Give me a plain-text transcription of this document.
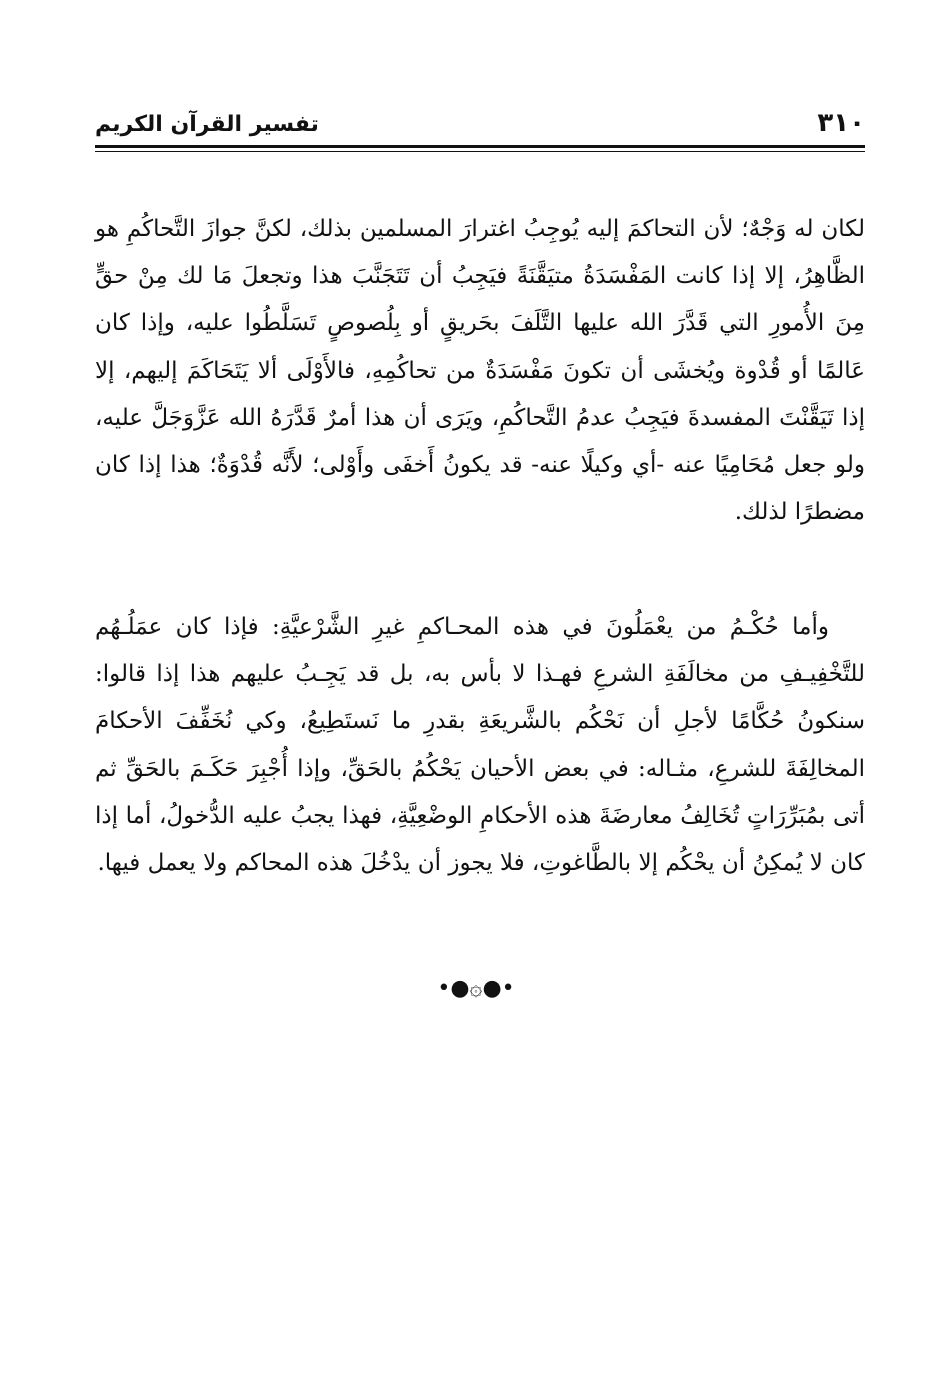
٣١٠
تفسير القرآن الكريم

لكان له وَجْهٌ؛ لأن التحاكمَ إليه يُوجِبُ اغترارَ المسلمين بذلك، لكنَّ جوازَ التَّحاكُمِ هو الظَّاهِرُ، إلا إذا كانت المَفْسَدَةُ متيَقَّنَةً فيَجِبُ أن تَتَجَنَّبَ هذا وتجعلَ مَا لك مِنْ حقٍّ مِنَ الأُمورِ التي قَدَّرَ الله عليها التَّلَفَ بحَريقٍ أو بِلُصوصٍ تَسَلَّطُوا عليه، وإذا كان عَالمًا أو قُدْوة ويُخشَى أن تكونَ مَفْسَدَةٌ من تحاكُمِهِ، فالأَوْلَى ألا يَتَحَاكَمَ إليهم، إلا إذا تَيَقَّنْتَ المفسدةَ فيَجِبُ عدمُ التَّحاكُمِ، ويَرَى أن هذا أمرٌ قَدَّرَهُ الله عَزَّوَجَلَّ عليه، ولو جعل مُحَامِيًا عنه -أي وكيلًا عنه- قد يكونُ أَخفَى وأَوْلى؛ لأَنَّه قُدْوَةٌ؛ هذا إذا كان مضطرًا لذلك.

وأما حُكْـمُ من يعْمَلُونَ في هذه المحـاكمِ غيرِ الشَّرْعيَّةِ: فإذا كان عمَلُـهُم للتَّخْفِيـفِ من مخالَفَةِ الشرعِ فهـذا لا بأس به، بل قد يَجِـبُ عليهم هذا إذا قالوا: سنكونُ حُكَّامًا لأجلِ أن نَحْكُم بالشَّريعَةِ بقدرِ ما نَستَطِيعُ، وكي نُخَفِّفَ الأحكامَ المخالِفَةَ للشرعِ، مثـاله: في بعض الأحيان يَحْكُمُ بالحَقِّ، وإذا أُجْبِرَ حَكَـمَ بالحَقِّ ثم أتى بمُبَرِّرَاتٍ تُخَالِفُ معارضَةَ هذه الأحكامِ الوضْعِيَّةِ، فهذا يجبُ عليه الدُّخولُ، أما إذا كان لا يُمكِنُ أن يحْكُم إلا بالطَّاغوتِ، فلا يجوز أن يدْخُلَ هذه المحاكم ولا يعمل فيها.

•●۞●•
